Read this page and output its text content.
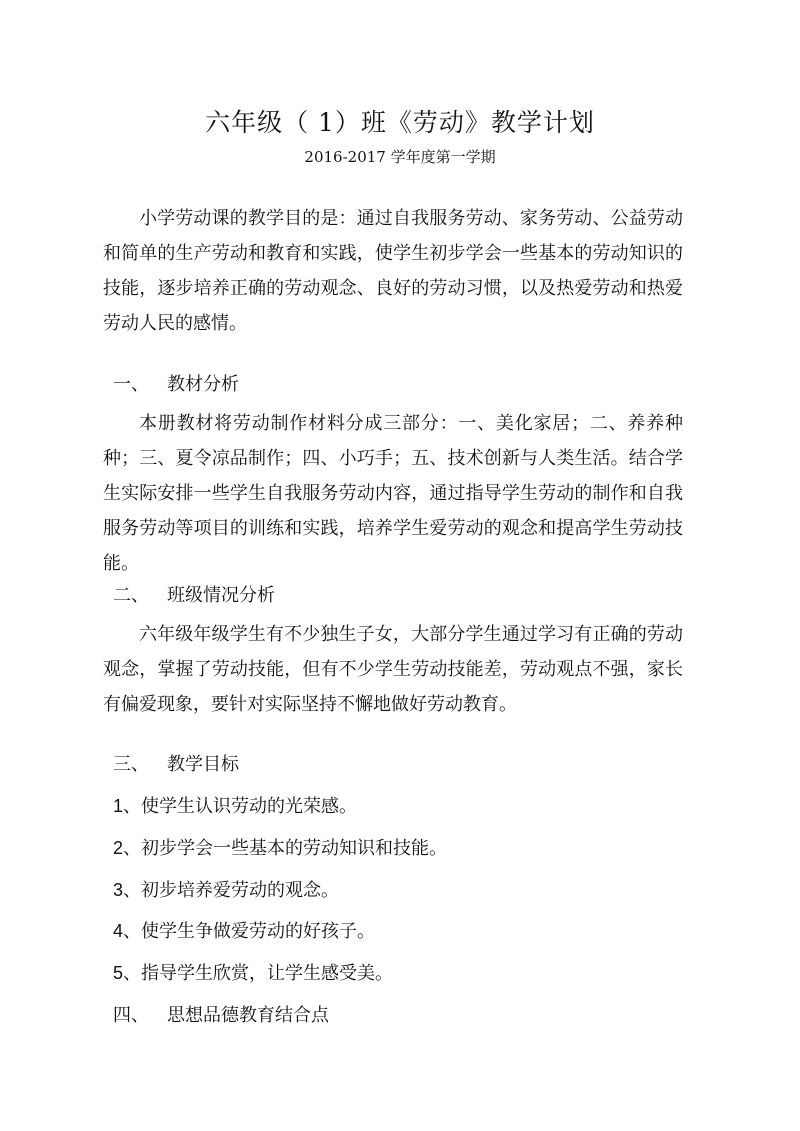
六年级（ 1）班《劳动》教学计划
2016-2017 学年度第一学期
小学劳动课的教学目的是：通过自我服务劳动、家务劳动、公益劳动和简单的生产劳动和教育和实践，使学生初步学会一些基本的劳动知识的技能，逐步培养正确的劳动观念、良好的劳动习惯，以及热爱劳动和热爱劳动人民的感情。
一、 教材分析
本册教材将劳动制作材料分成三部分：一、美化家居；二、养养种种；三、夏令凉品制作；四、小巧手；五、技术创新与人类生活。结合学生实际安排一些学生自我服务劳动内容，通过指导学生劳动的制作和自我服务劳动等项目的训练和实践，培养学生爱劳动的观念和提高学生劳动技能。
二、 班级情况分析
六年级年级学生有不少独生子女，大部分学生通过学习有正确的劳动观念，掌握了劳动技能，但有不少学生劳动技能差，劳动观点不强，家长有偏爱现象，要针对实际坚持不懈地做好劳动教育。
三、 教学目标
1、使学生认识劳动的光荣感。
2、初步学会一些基本的劳动知识和技能。
3、初步培养爱劳动的观念。
4、使学生争做爱劳动的好孩子。
5、指导学生欣赏，让学生感受美。
四、 思想品德教育结合点
